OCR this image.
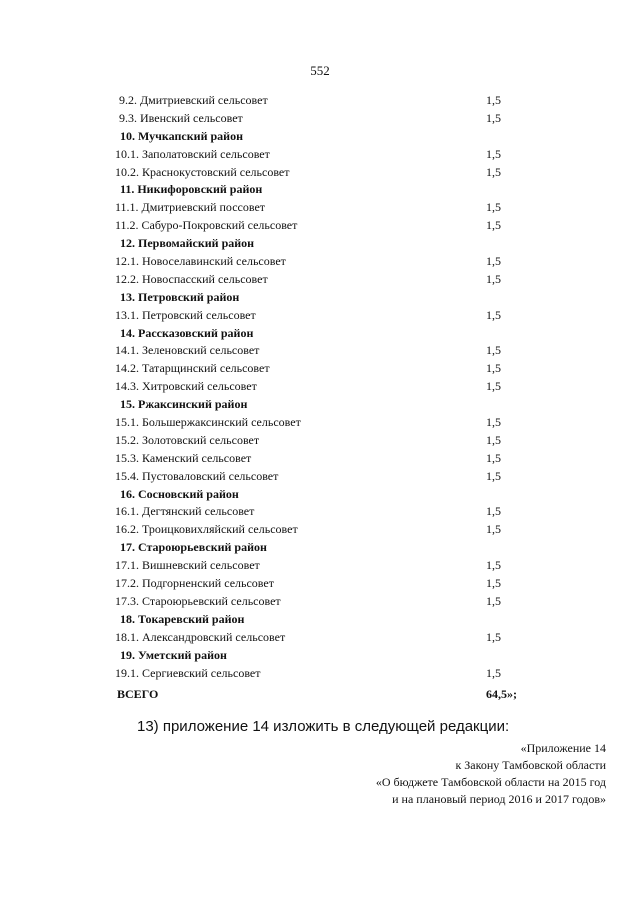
552
9.2. Дмитриевский сельсовет	1,5
9.3. Ивенский сельсовет	1,5
10. Мучкапский район
10.1. Заполатовский сельсовет	1,5
10.2. Краснокустовский сельсовет	1,5
11. Никифоровский район
11.1. Дмитриевский поссовет	1,5
11.2. Сабуро-Покровский сельсовет	1,5
12. Первомайский район
12.1. Новоселавинский сельсовет	1,5
12.2. Новоспасский сельсовет	1,5
13. Петровский район
13.1. Петровский сельсовет	1,5
14. Рассказовский район
14.1. Зеленовский сельсовет	1,5
14.2. Татарщинский сельсовет	1,5
14.3. Хитровский сельсовет	1,5
15. Ржаксинский район
15.1. Большержаксинский сельсовет	1,5
15.2. Золотовский сельсовет	1,5
15.3. Каменский сельсовет	1,5
15.4. Пустоваловский сельсовет	1,5
16. Сосновский район
16.1. Дегтянский сельсовет	1,5
16.2. Троицковихляйский сельсовет	1,5
17. Староюрьевский район
17.1. Вишневский сельсовет	1,5
17.2. Подгорненский сельсовет	1,5
17.3. Староюрьевский сельсовет	1,5
18. Токаревский район
18.1. Александровский сельсовет	1,5
19. Уметский район
19.1. Сергиевский сельсовет	1,5
ВСЕГО	64,5»;
13) приложение 14 изложить в следующей редакции:
«Приложение 14
к Закону Тамбовской области
«О бюджете Тамбовской области на 2015 год
и на плановый период 2016 и 2017 годов»
